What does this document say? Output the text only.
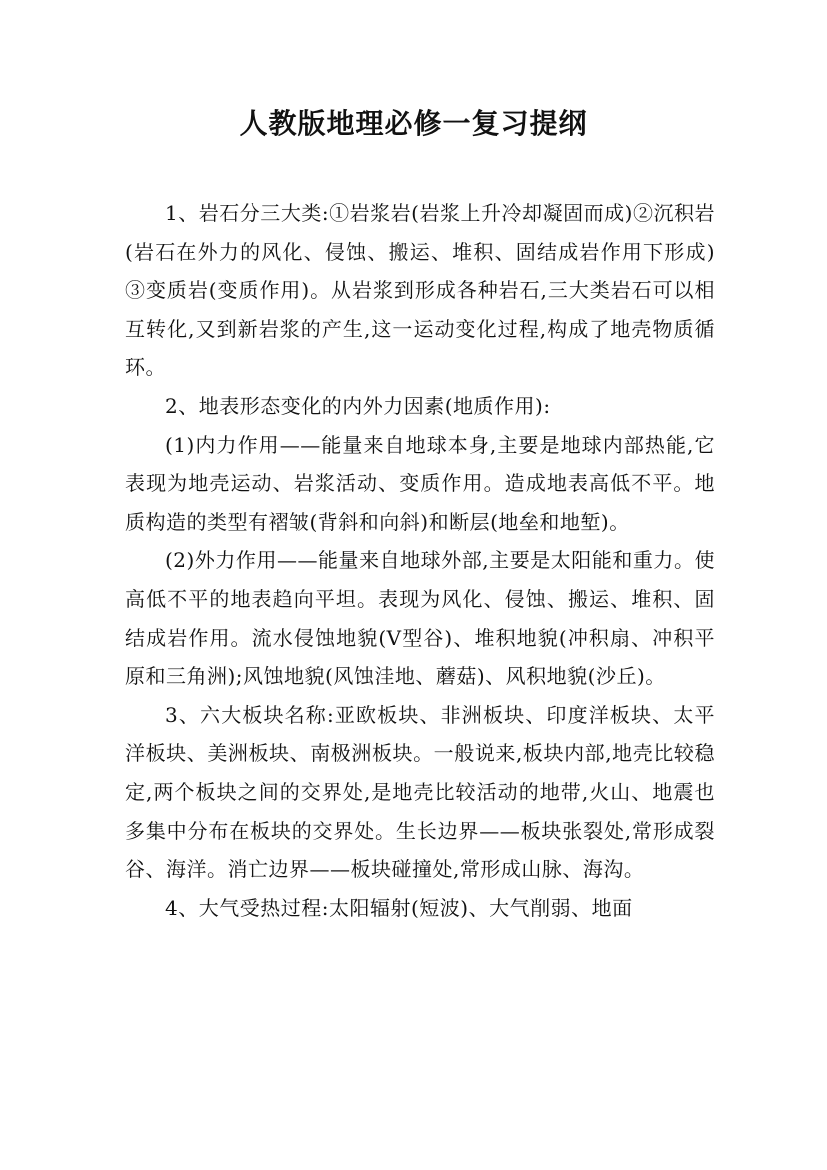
人教版地理必修一复习提纲

1、岩石分三大类:①岩浆岩(岩浆上升冷却凝固而成)②沉积岩(岩石在外力的风化、侵蚀、搬运、堆积、固结成岩作用下形成)③变质岩(变质作用)。从岩浆到形成各种岩石,三大类岩石可以相互转化,又到新岩浆的产生,这一运动变化过程,构成了地壳物质循环。

2、地表形态变化的内外力因素(地质作用):

(1)内力作用——能量来自地球本身,主要是地球内部热能,它表现为地壳运动、岩浆活动、变质作用。造成地表高低不平。地质构造的类型有褶皱(背斜和向斜)和断层(地垒和地堑)。

(2)外力作用——能量来自地球外部,主要是太阳能和重力。使高低不平的地表趋向平坦。表现为风化、侵蚀、搬运、堆积、固结成岩作用。流水侵蚀地貌(V型谷)、堆积地貌(冲积扇、冲积平原和三角洲);风蚀地貌(风蚀洼地、蘑菇)、风积地貌(沙丘)。

3、六大板块名称:亚欧板块、非洲板块、印度洋板块、太平洋板块、美洲板块、南极洲板块。一般说来,板块内部,地壳比较稳定,两个板块之间的交界处,是地壳比较活动的地带,火山、地震也多集中分布在板块的交界处。生长边界——板块张裂处,常形成裂谷、海洋。消亡边界——板块碰撞处,常形成山脉、海沟。

4、大气受热过程:太阳辐射(短波)、大气削弱、地面
